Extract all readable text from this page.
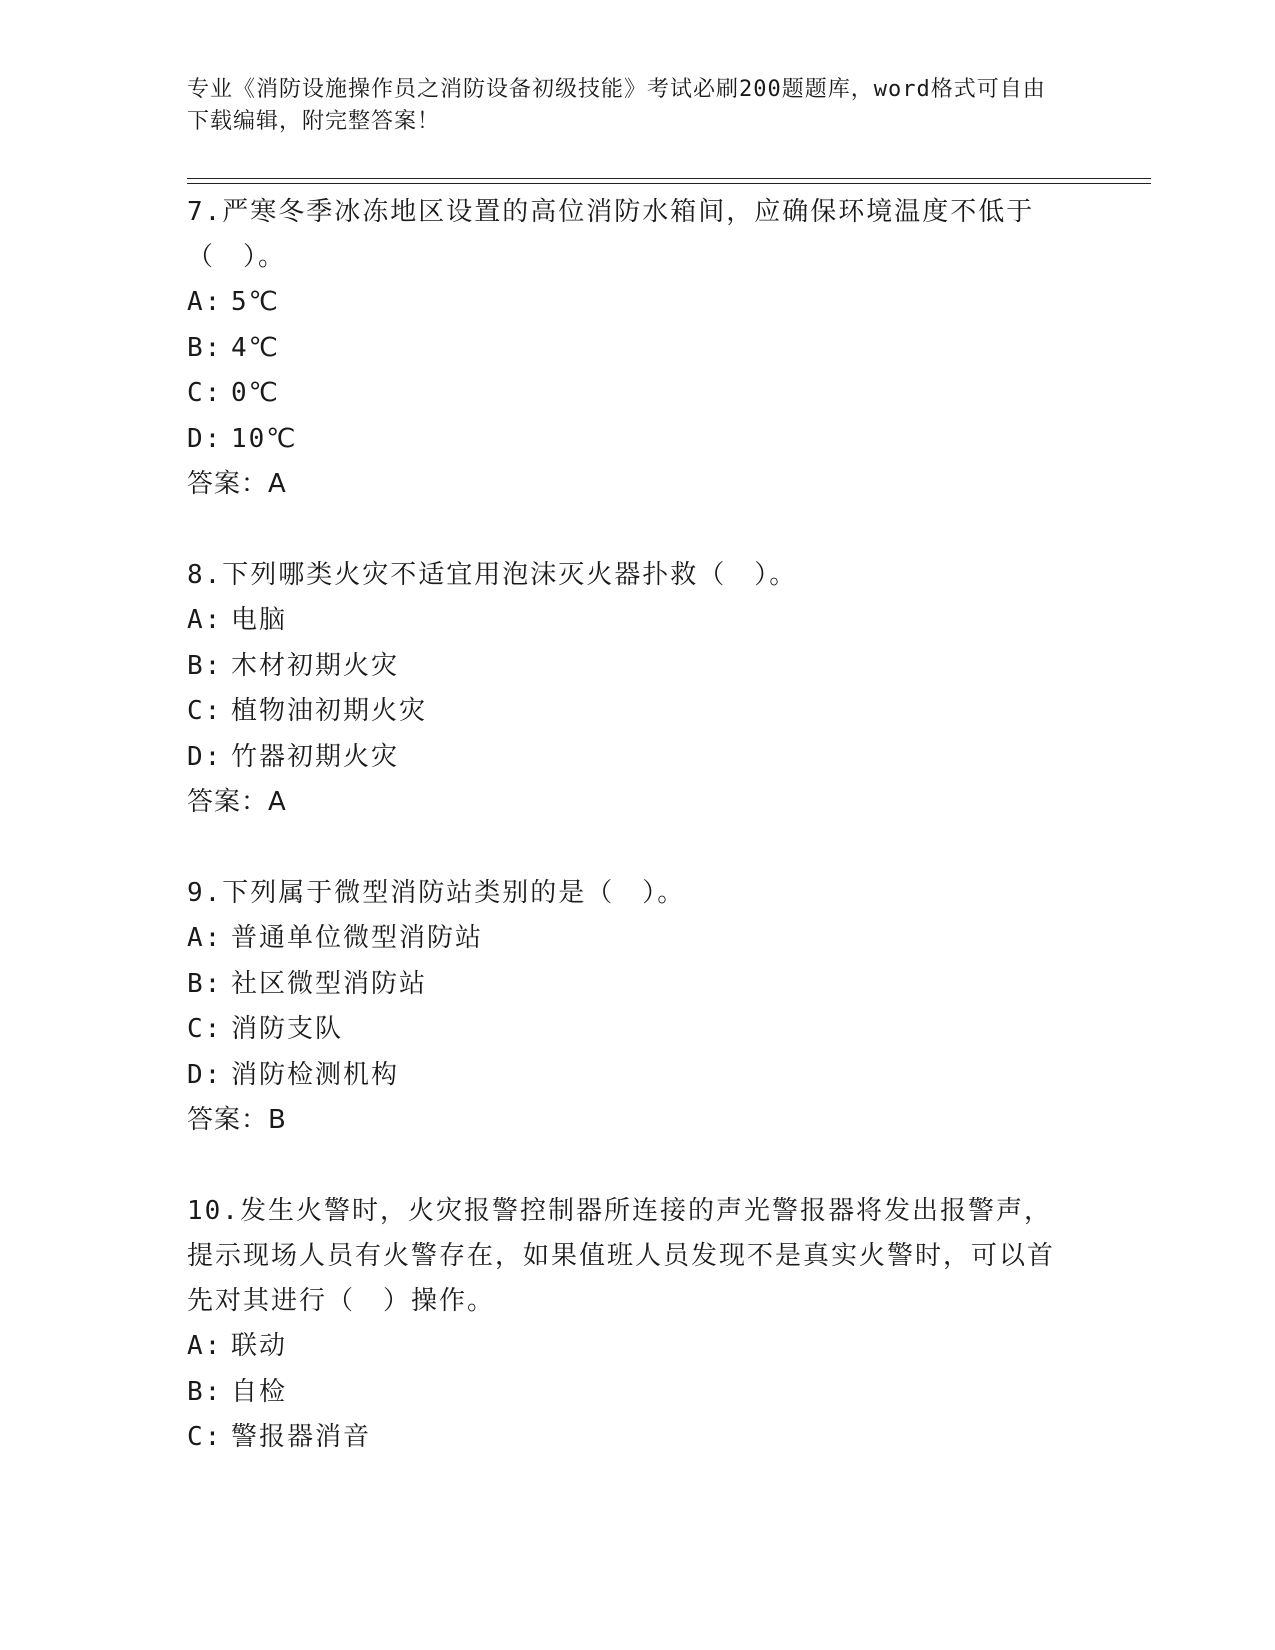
专业《消防设施操作员之消防设备初级技能》考试必刷200题题库，word格式可自由下载编辑，附完整答案！

7.严寒冬季冰冻地区设置的高位消防水箱间，应确保环境温度不低于（　）。

A: 5℃
B: 4℃
C: 0℃
D: 10℃
答案：A

8.下列哪类火灾不适宜用泡沫灭火器扑救（　）。

A: 电脑
B: 木材初期火灾
C: 植物油初期火灾
D: 竹器初期火灾
答案：A

9.下列属于微型消防站类别的是（　）。

A: 普通单位微型消防站
B: 社区微型消防站
C: 消防支队
D: 消防检测机构
答案：B

10.发生火警时，火灾报警控制器所连接的声光警报器将发出报警声，提示现场人员有火警存在，如果值班人员发现不是真实火警时，可以首先对其进行（　）操作。

A: 联动
B: 自检
C: 警报器消音
